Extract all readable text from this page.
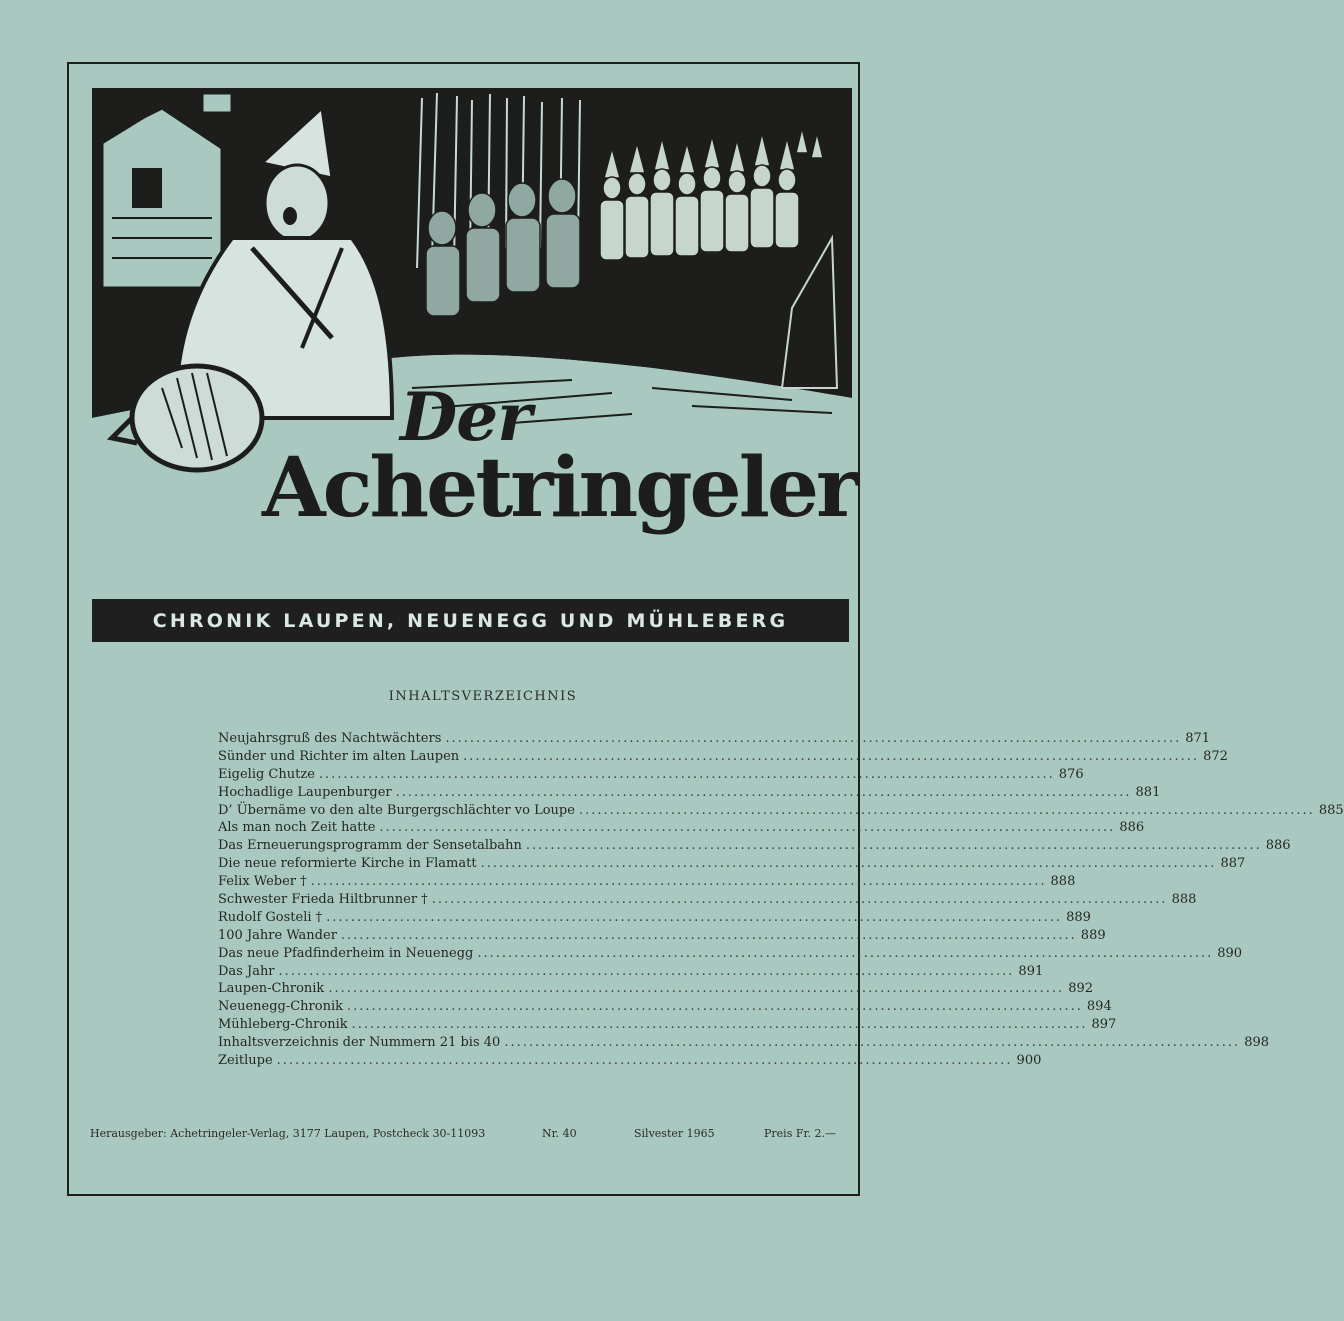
Der
Achetringeler
CHRONIK LAUPEN, NEUENEGG UND MÜHLEBERG
INHALTSVERZEICHNIS
Neujahrsgruß des Nachtwächters ........................................................................................................................ 871
Sünder und Richter im alten Laupen ........................................................................................................................ 872
Eigelig Chutze ........................................................................................................................ 876
Hochadlige Laupenburger ........................................................................................................................ 881
D’ Übernäme vo den alte Burgergschlächter vo Loupe ........................................................................................................................ 885
Als man noch Zeit hatte ........................................................................................................................ 886
Das Erneuerungsprogramm der Sensetalbahn ........................................................................................................................ 886
Die neue reformierte Kirche in Flamatt ........................................................................................................................ 887
Felix Weber † ........................................................................................................................ 888
Schwester Frieda Hiltbrunner † ........................................................................................................................ 888
Rudolf Gosteli † ........................................................................................................................ 889
100 Jahre Wander ........................................................................................................................ 889
Das neue Pfadfinderheim in Neuenegg ........................................................................................................................ 890
Das Jahr ........................................................................................................................ 891
Laupen-Chronik ........................................................................................................................ 892
Neuenegg-Chronik ........................................................................................................................ 894
Mühleberg-Chronik ........................................................................................................................ 897
Inhaltsverzeichnis der Nummern 21 bis 40 ........................................................................................................................ 898
Zeitlupe ........................................................................................................................ 900
Herausgeber: Achetringeler-Verlag, 3177 Laupen, Postcheck 30-11093	Nr. 40	Silvester 1965	Preis Fr. 2.—
